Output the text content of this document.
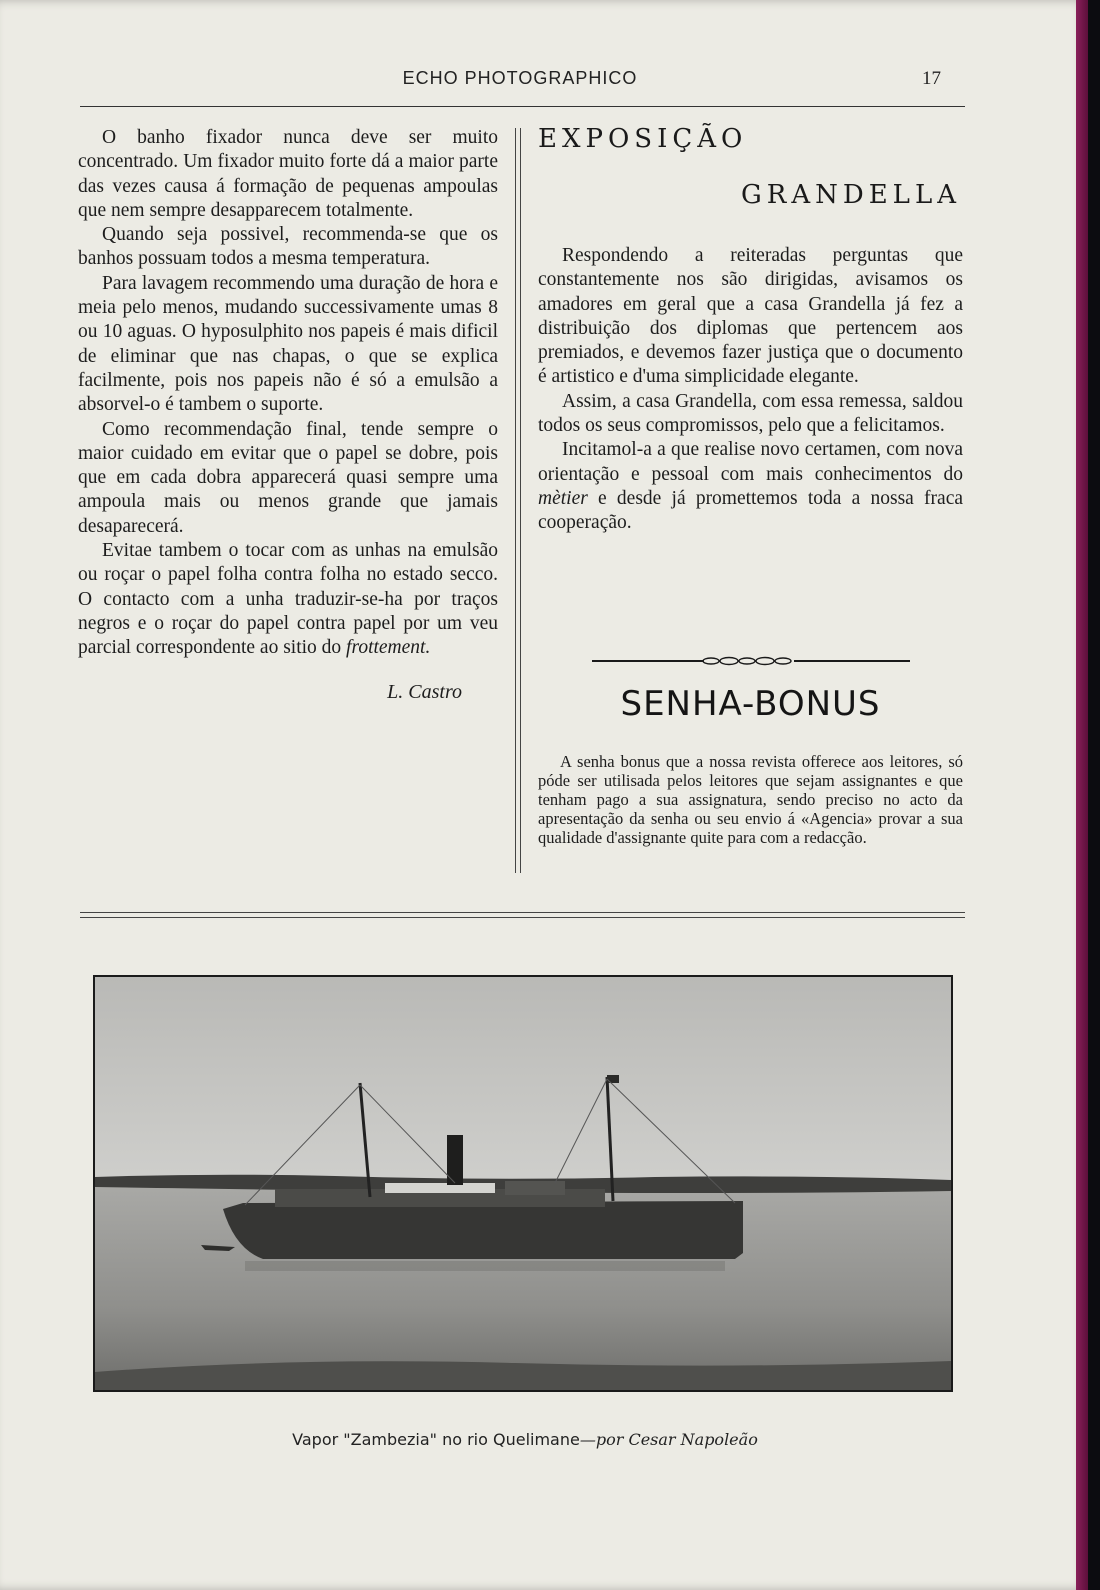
ECHO PHOTOGRAPHICO	17

O banho fixador nunca deve ser muito concentrado. Um fixador muito forte dá a maior parte das vezes causa á formação de pequenas ampoulas que nem sempre desapparecem totalmente.

Quando seja possivel, recommenda-se que os banhos possuam todos a mesma temperatura.

Para lavagem recommendo uma duração de hora e meia pelo menos, mudando successivamente umas 8 ou 10 aguas. O hyposulphito nos papeis é mais dificil de eliminar que nas chapas, o que se explica facilmente, pois nos papeis não é só a emulsão a absorvel-o é tambem o suporte.

Como recommendação final, tende sempre o maior cuidado em evitar que o papel se dobre, pois que em cada dobra apparecerá quasi sempre uma ampoula mais ou menos grande que jamais desaparecerá.

Evitae tambem o tocar com as unhas na emulsão ou roçar o papel folha contra folha no estado secco. O contacto com a unha traduzir-se-ha por traços negros e o roçar do papel contra papel por um veu parcial correspondente ao sitio do frottement.

L. Castro
EXPOSIÇÃO
GRANDELLA

Respondendo a reiteradas perguntas que constantemente nos são dirigidas, avisamos os amadores em geral que a casa Grandella já fez a distribuição dos diplomas que pertencem aos premiados, e devemos fazer justiça que o documento é artistico e d'uma simplicidade elegante.

Assim, a casa Grandella, com essa remessa, saldou todos os seus compromissos, pelo que a felicitamos.

Incitamol-a a que realise novo certamen, com nova orientação e pessoal com mais conhecimentos do mètier e desde já promettemos toda a nossa fraca cooperação.

SENHA-BONUS

A senha bonus que a nossa revista offerece aos leitores, só póde ser utilisada pelos leitores que sejam assignantes e que tenham pago a sua assignatura, sendo preciso no acto da apresentação da senha ou seu envio á «Agencia» provar a sua qualidade d'assignante quite para com a redacção.

Vapor "Zambezia" no rio Quelimane—por Cesar Napoleão
